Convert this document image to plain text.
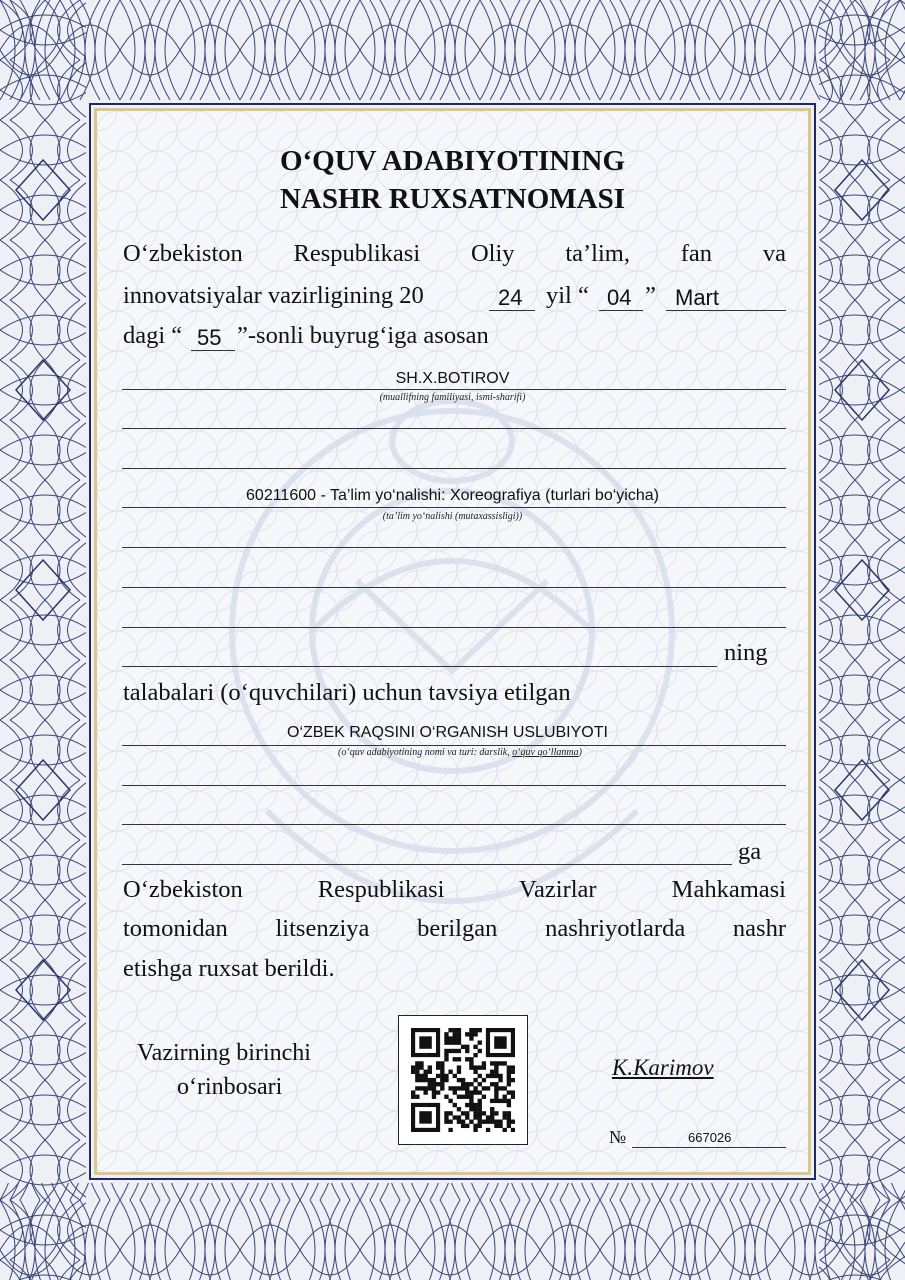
O‘QUV ADABIYOTINING

NASHR RUXSATNOMASI

O‘zbekiston Respublikasi Oliy ta’lim, fan va

innovatsiyalar vazirligining 20	24 yil “ 04 ” Mart

dagi “ 55 ”-sonli buyrug‘iga asosan

SH.X.BOTIROV
(muallifning familiyasi, ismi-sharifi)
60211600 - Ta’lim yo‘nalishi: Xoreografiya (turlari bo‘yicha)
(ta’lim yo‘nalishi (mutaxassisligi))

ning

talabalari (o‘quvchilari) uchun tavsiya etilgan

O‘ZBEK RAQSINI O‘RGANISH USLUBIYOTI
(o‘quv adabiyotining nomi va turi: darslik, o‘quv qo‘llanma)

ga

O‘zbekiston Respublikasi Vazirlar Mahkamasi

tomonidan litsenziya berilgan nashriyotlarda nashr

etishga ruxsat berildi.

Vazirning birinchi

o‘rinbosari

K.Karimov
№	667026
